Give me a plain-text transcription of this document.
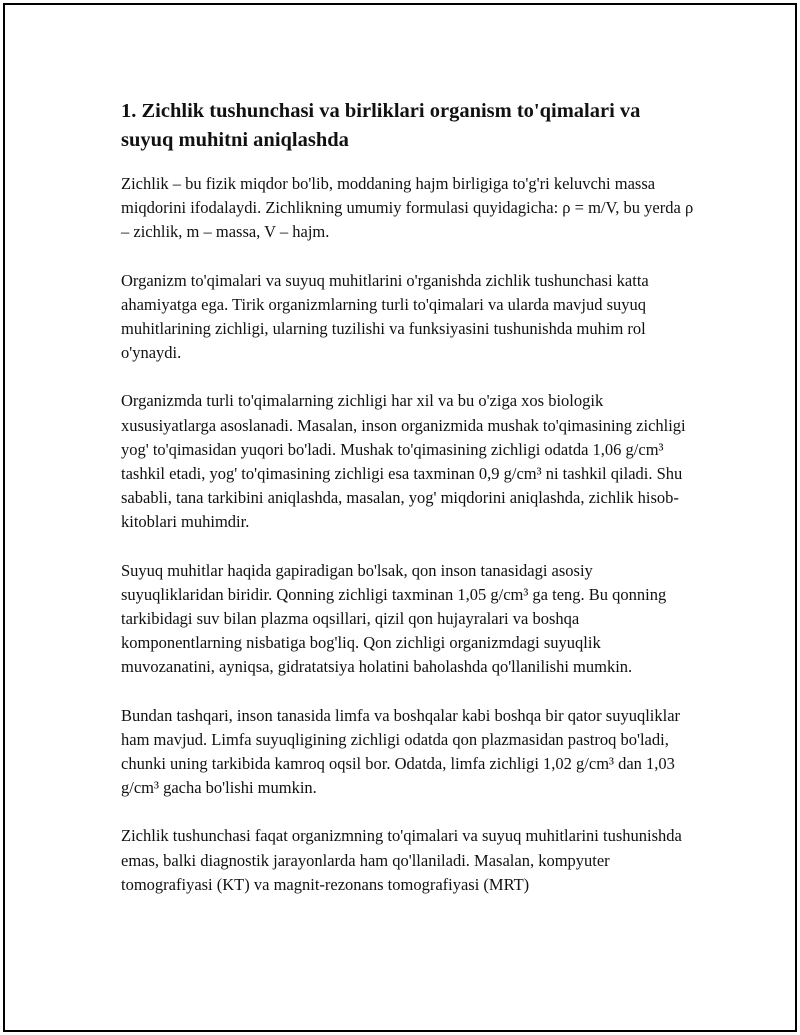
1. Zichlik tushunchasi va birliklari organism to'qimalari va suyuq muhitni aniqlashda

Zichlik – bu fizik miqdor bo'lib, moddaning hajm birligiga to'g'ri keluvchi massa miqdorini ifodalaydi. Zichlikning umumiy formulasi quyidagicha: ρ = m/V, bu yerda ρ – zichlik, m – massa, V – hajm.

Organizm to'qimalari va suyuq muhitlarini o'rganishda zichlik tushunchasi katta ahamiyatga ega. Tirik organizmlarning turli to'qimalari va ularda mavjud suyuq muhitlarining zichligi, ularning tuzilishi va funksiyasini tushunishda muhim rol o'ynaydi.

Organizmda turli to'qimalarning zichligi har xil va bu o'ziga xos biologik xususiyatlarga asoslanadi. Masalan, inson organizmida mushak to'qimasining zichligi yog' to'qimasidan yuqori bo'ladi. Mushak to'qimasining zichligi odatda 1,06 g/cm³ tashkil etadi, yog' to'qimasining zichligi esa taxminan 0,9 g/cm³ ni tashkil qiladi. Shu sababli, tana tarkibini aniqlashda, masalan, yog' miqdorini aniqlashda, zichlik hisob-kitoblari muhimdir.

Suyuq muhitlar haqida gapiradigan bo'lsak, qon inson tanasidagi asosiy suyuqliklaridan biridir. Qonning zichligi taxminan 1,05 g/cm³ ga teng. Bu qonning tarkibidagi suv bilan plazma oqsillari, qizil qon hujayralari va boshqa komponentlarning nisbatiga bog'liq. Qon zichligi organizmdagi suyuqlik muvozanatini, ayniqsa, gidratatsiya holatini baholashda qo'llanilishi mumkin.

Bundan tashqari, inson tanasida limfa va boshqalar kabi boshqa bir qator suyuqliklar ham mavjud. Limfa suyuqligining zichligi odatda qon plazmasidan pastroq bo'ladi, chunki uning tarkibida kamroq oqsil bor. Odatda, limfa zichligi 1,02 g/cm³ dan 1,03 g/cm³ gacha bo'lishi mumkin.

Zichlik tushunchasi faqat organizmning to'qimalari va suyuq muhitlarini tushunishda emas, balki diagnostik jarayonlarda ham qo'llaniladi. Masalan, kompyuter tomografiyasi (KT) va magnit-rezonans tomografiyasi (MRT)
